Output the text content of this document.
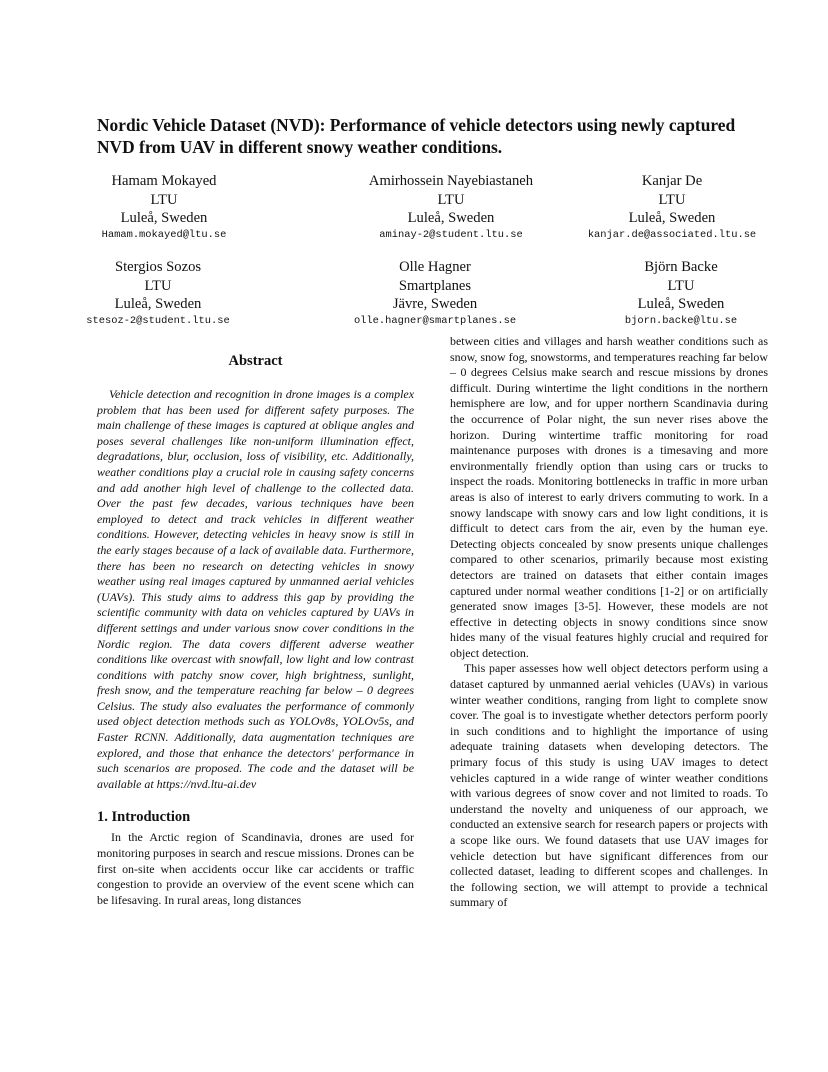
Nordic Vehicle Dataset (NVD): Performance of vehicle detectors using newly captured NVD from UAV in different snowy weather conditions.
Hamam Mokayed
LTU
Luleå, Sweden
Hamam.mokayed@ltu.se
Amirhossein Nayebiastaneh
LTU
Luleå, Sweden
aminay-2@student.ltu.se
Kanjar De
LTU
Luleå, Sweden
kanjar.de@associated.ltu.se
Stergios Sozos
LTU
Luleå, Sweden
stesoz-2@student.ltu.se
Olle Hagner
Smartplanes
Jävre, Sweden
olle.hagner@smartplanes.se
Björn Backe
LTU
Luleå, Sweden
bjorn.backe@ltu.se
Abstract

Vehicle detection and recognition in drone images is a complex problem that has been used for different safety purposes. The main challenge of these images is captured at oblique angles and poses several challenges like non-uniform illumination effect, degradations, blur, occlusion, loss of visibility, etc. Additionally, weather conditions play a crucial role in causing safety concerns and add another high level of challenge to the collected data. Over the past few decades, various techniques have been employed to detect and track vehicles in different weather conditions. However, detecting vehicles in heavy snow is still in the early stages because of a lack of available data. Furthermore, there has been no research on detecting vehicles in snowy weather using real images captured by unmanned aerial vehicles (UAVs). This study aims to address this gap by providing the scientific community with data on vehicles captured by UAVs in different settings and under various snow cover conditions in the Nordic region. The data covers different adverse weather conditions like overcast with snowfall, low light and low contrast conditions with patchy snow cover, high brightness, sunlight, fresh snow, and the temperature reaching far below – 0 degrees Celsius. The study also evaluates the performance of commonly used object detection methods such as YOLOv8s, YOLOv5s, and Faster RCNN. Additionally, data augmentation techniques are explored, and those that enhance the detectors' performance in such scenarios are proposed. The code and the dataset will be available at https://nvd.ltu-ai.dev

1. Introduction

In the Arctic region of Scandinavia, drones are used for monitoring purposes in search and rescue missions. Drones can be first on-site when accidents occur like car accidents or traffic congestion to provide an overview of the event scene which can be lifesaving. In rural areas, long distances

between cities and villages and harsh weather conditions such as snow, snow fog, snowstorms, and temperatures reaching far below – 0 degrees Celsius make search and rescue missions by drones difficult. During wintertime the light conditions in the northern hemisphere are low, and for upper northern Scandinavia during the occurrence of Polar night, the sun never rises above the horizon. During wintertime traffic monitoring for road maintenance purposes with drones is a timesaving and more environmentally friendly option than using cars or trucks to inspect the roads. Monitoring bottlenecks in traffic in more urban areas is also of interest to early drivers commuting to work. In a snowy landscape with snowy cars and low light conditions, it is difficult to detect cars from the air, even by the human eye. Detecting objects concealed by snow presents unique challenges compared to other scenarios, primarily because most existing detectors are trained on datasets that either contain images captured under normal weather conditions [1-2] or on artificially generated snow images [3-5]. However, these models are not effective in detecting objects in snowy conditions since snow hides many of the visual features highly crucial and required for object detection.

This paper assesses how well object detectors perform using a dataset captured by unmanned aerial vehicles (UAVs) in various winter weather conditions, ranging from light to complete snow cover. The goal is to investigate whether detectors perform poorly in such conditions and to highlight the importance of using adequate training datasets when developing detectors. The primary focus of this study is using UAV images to detect vehicles captured in a wide range of winter weather conditions with various degrees of snow cover and not limited to roads. To understand the novelty and uniqueness of our approach, we conducted an extensive search for research papers or projects with a scope like ours. We found datasets that use UAV images for vehicle detection but have significant differences from our collected dataset, leading to different scopes and challenges. In the following section, we will attempt to provide a technical summary of
